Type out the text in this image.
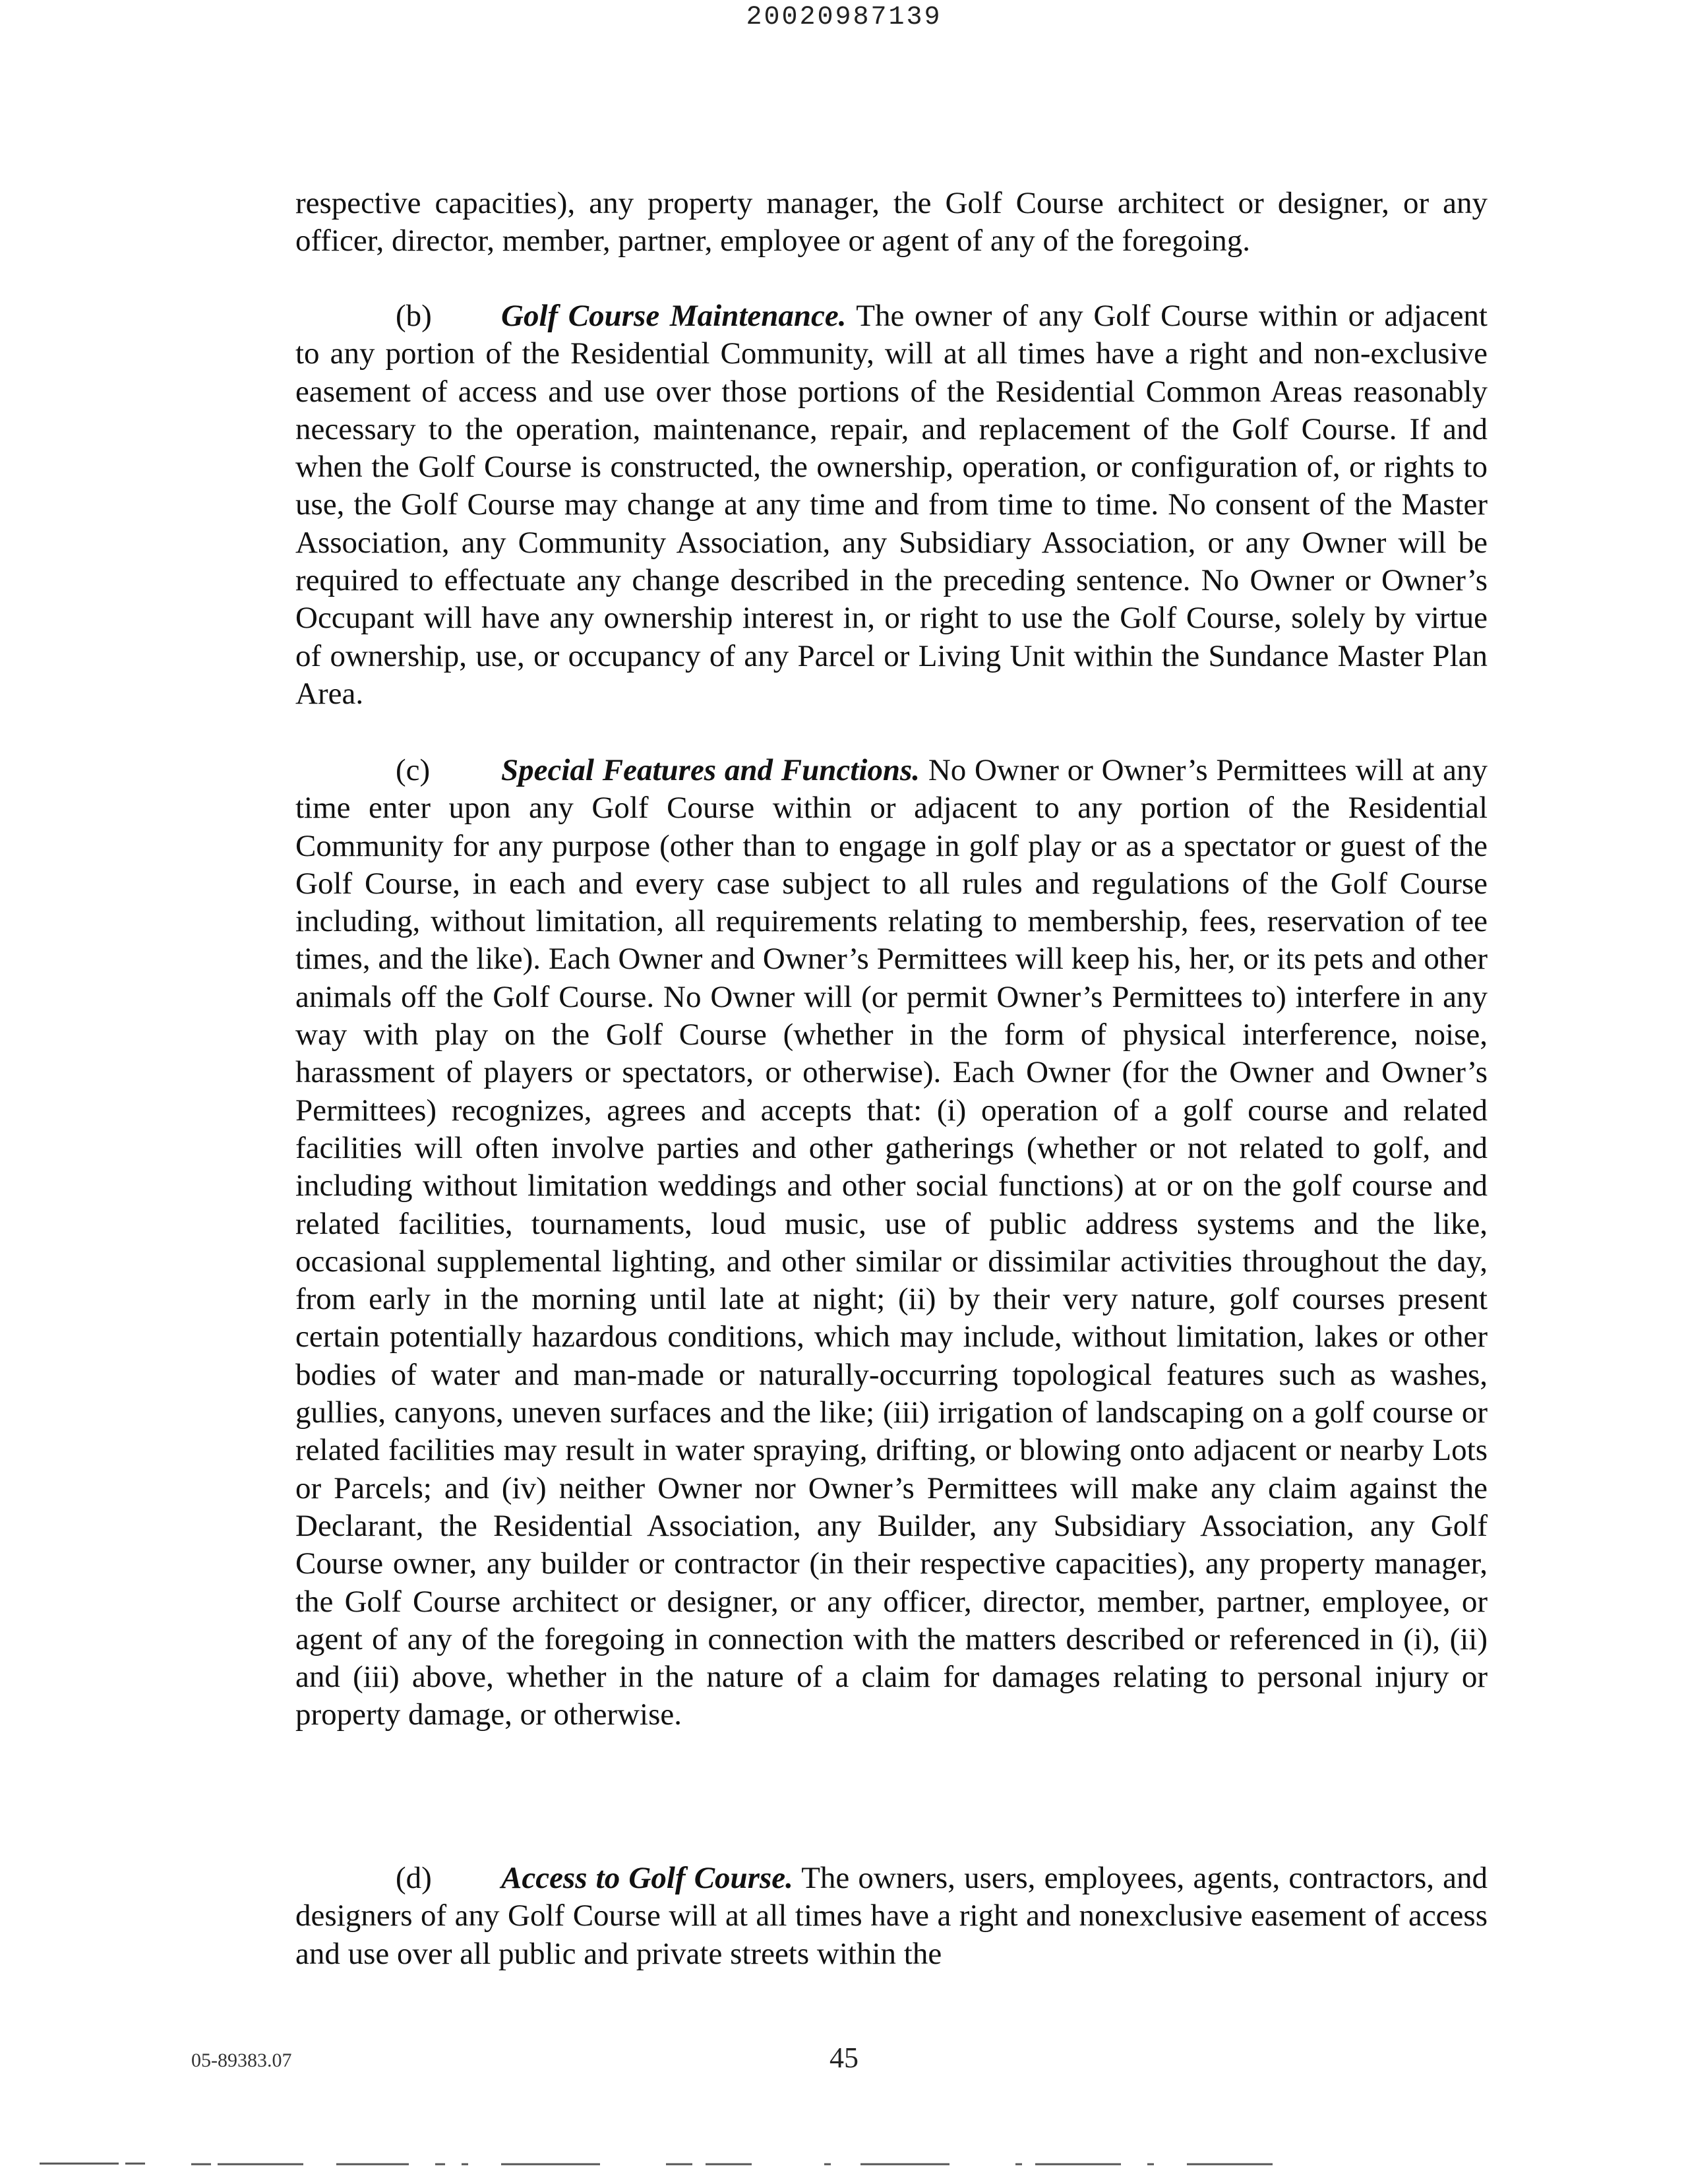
20020987139

respective capacities), any property manager, the Golf Course architect or designer, or any officer, director, member, partner, employee or agent of any of the foregoing.

(b) Golf Course Maintenance. The owner of any Golf Course within or adjacent to any portion of the Residential Community, will at all times have a right and non-exclusive easement of access and use over those portions of the Residential Common Areas reasonably necessary to the operation, maintenance, repair, and replacement of the Golf Course. If and when the Golf Course is constructed, the ownership, operation, or configuration of, or rights to use, the Golf Course may change at any time and from time to time. No consent of the Master Association, any Community Association, any Subsidiary Association, or any Owner will be required to effectuate any change described in the preceding sentence. No Owner or Owner’s Occupant will have any ownership interest in, or right to use the Golf Course, solely by virtue of ownership, use, or occupancy of any Parcel or Living Unit within the Sundance Master Plan Area.

(c) Special Features and Functions. No Owner or Owner’s Permittees will at any time enter upon any Golf Course within or adjacent to any portion of the Residential Community for any purpose (other than to engage in golf play or as a spectator or guest of the Golf Course, in each and every case subject to all rules and regulations of the Golf Course including, without limitation, all requirements relating to membership, fees, reservation of tee times, and the like). Each Owner and Owner’s Permittees will keep his, her, or its pets and other animals off the Golf Course. No Owner will (or permit Owner’s Permittees to) interfere in any way with play on the Golf Course (whether in the form of physical interference, noise, harassment of players or spectators, or otherwise). Each Owner (for the Owner and Owner’s Permittees) recognizes, agrees and accepts that: (i) operation of a golf course and related facilities will often involve parties and other gatherings (whether or not related to golf, and including without limitation weddings and other social functions) at or on the golf course and related facilities, tournaments, loud music, use of public address systems and the like, occasional supplemental lighting, and other similar or dissimilar activities throughout the day, from early in the morning until late at night; (ii) by their very nature, golf courses present certain potentially hazardous conditions, which may include, without limitation, lakes or other bodies of water and man-made or naturally-occurring topological features such as washes, gullies, canyons, uneven surfaces and the like; (iii) irrigation of landscaping on a golf course or related facilities may result in water spraying, drifting, or blowing onto adjacent or nearby Lots or Parcels; and (iv) neither Owner nor Owner’s Permittees will make any claim against the Declarant, the Residential Association, any Builder, any Subsidiary Association, any Golf Course owner, any builder or contractor (in their respective capacities), any property manager, the Golf Course architect or designer, or any officer, director, member, partner, employee, or agent of any of the foregoing in connection with the matters described or referenced in (i), (ii) and (iii) above, whether in the nature of a claim for damages relating to personal injury or property damage, or otherwise.

(d) Access to Golf Course. The owners, users, employees, agents, contractors, and designers of any Golf Course will at all times have a right and nonexclusive easement of access and use over all public and private streets within the

05-89383.07	45
